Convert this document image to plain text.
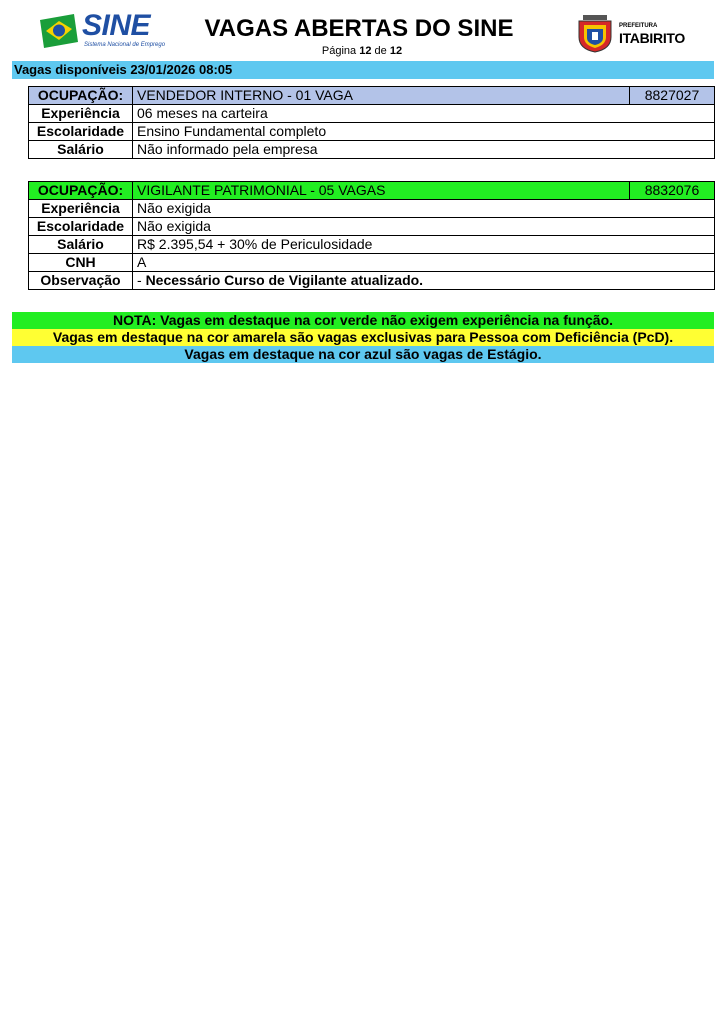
SINE
Sistema Nacional de Emprego
VAGAS ABERTAS DO SINE
Página 12 de 12
PREFEITURA
ITABIRITO
Vagas disponíveis 23/01/2026 08:05
OCUPAÇÃO:	VENDEDOR INTERNO - 01 VAGA	8827027
Experiência	06 meses na carteira	
Escolaridade	Ensino Fundamental completo	
Salário	Não informado pela empresa	
OCUPAÇÃO:	VIGILANTE PATRIMONIAL - 05 VAGAS	8832076
Experiência	Não exigida	
Escolaridade	Não exigida	
Salário	R$ 2.395,54 + 30% de Periculosidade	
CNH	A	
Observação	- Necessário Curso de Vigilante atualizado.	
NOTA: Vagas em destaque na cor verde não exigem experiência na função.
Vagas em destaque na cor amarela são vagas exclusivas para Pessoa com Deficiência (PcD).
Vagas em destaque na cor azul são vagas de Estágio.
